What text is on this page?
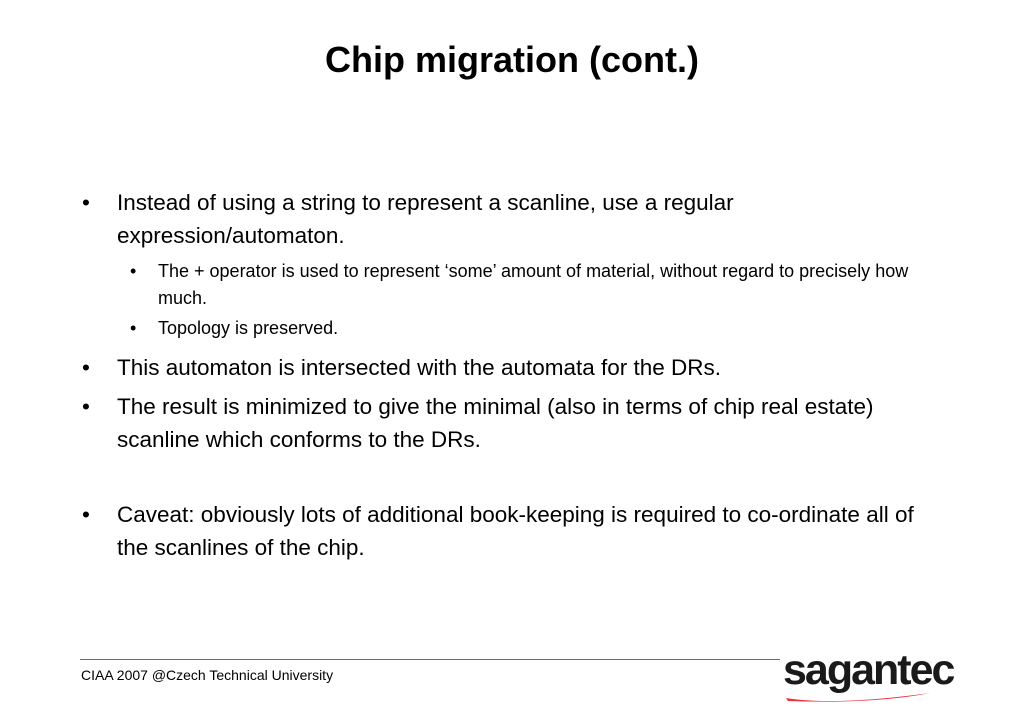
Chip migration (cont.)
• Instead of using a string to represent a scanline, use a regular expression/automaton.
• The + operator is used to represent ‘some’ amount of material, without regard to precisely how much.
• Topology is preserved.
• This automaton is intersected with the automata for the DRs.
• The result is minimized to give the minimal (also in terms of chip real estate) scanline which conforms to the DRs.
• Caveat: obviously lots of additional book-keeping is required to co-ordinate all of the scanlines of the chip.
CIAA 2007 @Czech Technical University	sagantec
